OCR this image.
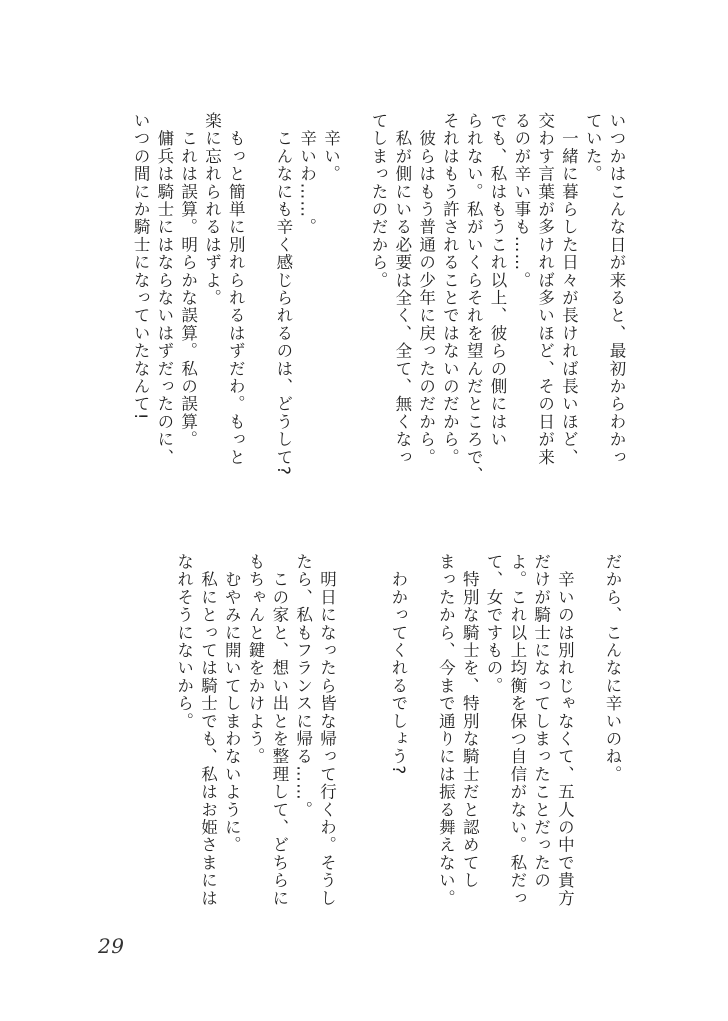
いつかはこんな日が来ると、最初からわかっ
ていた。
　一緒に暮らした日々が長ければ長いほど、
交わす言葉が多ければ多いほど、その日が来
るのが辛い事も……。
でも、私はもうこれ以上、彼らの側にはい
られない。私がいくらそれを望んだところで、
それはもう許されることではないのだから。
　彼らはもう普通の少年に戻ったのだから。
　私が側にいる必要は全く、全て、無くなっ
てしまったのだから。
　辛い。
　辛いわ……。
　こんなにも辛く感じられるのは、どうして?
　もっと簡単に別れられるはずだわ。もっと
楽に忘れられるはずよ。
　これは誤算。明らかな誤算。私の誤算。
　傭兵は騎士にはならないはずだったのに、
いつの間にか騎士になっていたなんて!
だから、こんなに辛いのね。
　辛いのは別れじゃなくて、五人の中で貴方
だけが騎士になってしまったことだったの
よ。これ以上均衡を保つ自信がない。私だっ
て、女ですもの。
　特別な騎士を、特別な騎士だと認めてし
まったから、今まで通りには振る舞えない。
　わかってくれるでしょう?
　明日になったら皆な帰って行くわ。そうし
たら、私もフランスに帰る……。
　この家と、想い出とを整理して、どちらに
もちゃんと鍵をかけよう。
　むやみに開いてしまわないように。
　私にとっては騎士でも、私はお姫さまには
なれそうにないから。
29
